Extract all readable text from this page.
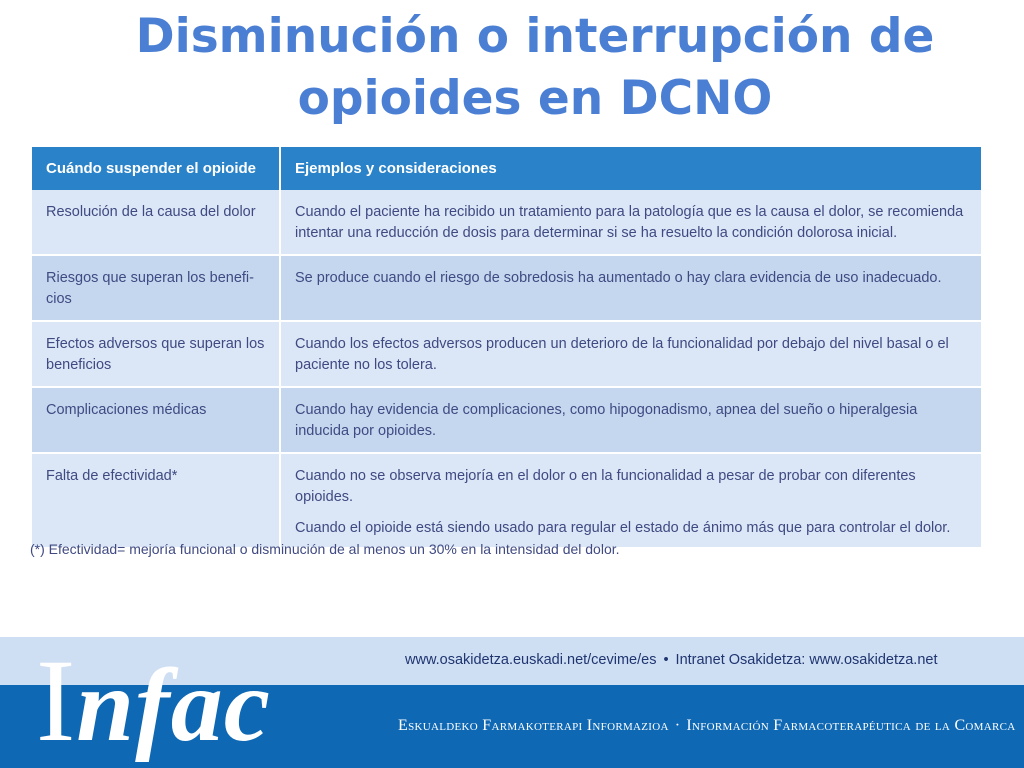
Disminución o interrupción de
opioides en DCNO
Cuándo suspender el opioide	Ejemplos y consideraciones
Resolución de la causa del dolor	Cuando el paciente ha recibido un tratamiento para la patología que es la causa el dolor, se recomienda intentar una reducción de dosis para determinar si se ha resuelto la condición dolorosa inicial.
Riesgos que superan los benefi-cios	Se produce cuando el riesgo de sobredosis ha aumentado o hay clara evidencia de uso inadecuado.
Efectos adversos que superan los beneficios	Cuando los efectos adversos producen un deterioro de la funcionalidad por debajo del nivel basal o el paciente no los tolera.
Complicaciones médicas	Cuando hay evidencia de complicaciones, como hipogonadismo, apnea del sueño o hiperalgesia inducida por opioides.
Falta de efectividad*	Cuando no se observa mejoría en el dolor o en la funcionalidad a pesar de probar con diferentes opioides.
Cuando el opioide está siendo usado para regular el estado de ánimo más que para controlar el dolor.
(*) Efectividad= mejoría funcional o disminución de al menos un 30% en la intensidad del dolor.
Infac	www.osakidetza.euskadi.net/cevime/es • Intranet Osakidetza: www.osakidetza.net
Eskualdeko Farmakoterapi Informazioa · Información Farmacoterapéutica de la Comarca
